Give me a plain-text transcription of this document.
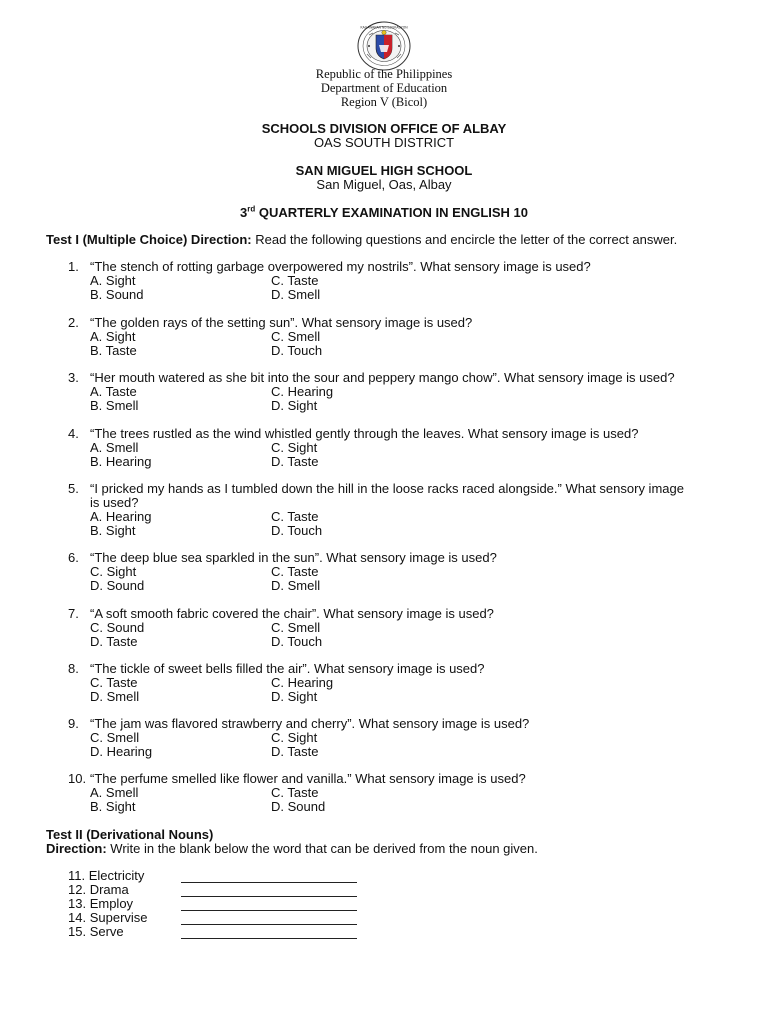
KAGAWARAN NG EDUKASYON
Republic of the Philippines
Department of Education
Region V (Bicol)
SCHOOLS DIVISION OFFICE OF ALBAY
OAS SOUTH DISTRICT
SAN MIGUEL HIGH SCHOOL
San Miguel, Oas, Albay
3rd QUARTERLY EXAMINATION IN ENGLISH 10
Test I (Multiple Choice) Direction: Read the following questions and encircle the letter of the correct answer.
1. “The stench of rotting garbage overpowered my nostrils”. What sensory image is used?
A. Sight
B. Sound
C. Taste
D. Smell
2. “The golden rays of the setting sun”. What sensory image is used?
A. Sight
B. Taste
C. Smell
D. Touch
3. “Her mouth watered as she bit into the sour and peppery mango chow”. What sensory image is used?
A. Taste
B. Smell
C. Hearing
D. Sight
4. “The trees rustled as the wind whistled gently through the leaves. What sensory image is used?
A. Smell
B. Hearing
C. Sight
D. Taste
5. “I pricked my hands as I tumbled down the hill in the loose racks raced alongside.” What sensory image
is used?
A. Hearing
B. Sight
C. Taste
D. Touch
6. “The deep blue sea sparkled in the sun”. What sensory image is used?
C. Sight
D. Sound
C. Taste
D. Smell
7. “A soft smooth fabric covered the chair”. What sensory image is used?
C. Sound
D. Taste
C. Smell
D. Touch
8. “The tickle of sweet bells filled the air”. What sensory image is used?
C. Taste
D. Smell
C. Hearing
D. Sight
9. “The jam was flavored strawberry and cherry”. What sensory image is used?
C. Smell
D. Hearing
C. Sight
D. Taste
10. “The perfume smelled like flower and vanilla.” What sensory image is used?
A. Smell
B. Sight
C. Taste
D. Sound
Test II (Derivational Nouns)
Direction: Write in the blank below the word that can be derived from the noun given.
11. Electricity
12. Drama
13. Employ
14. Supervise
15. Serve
